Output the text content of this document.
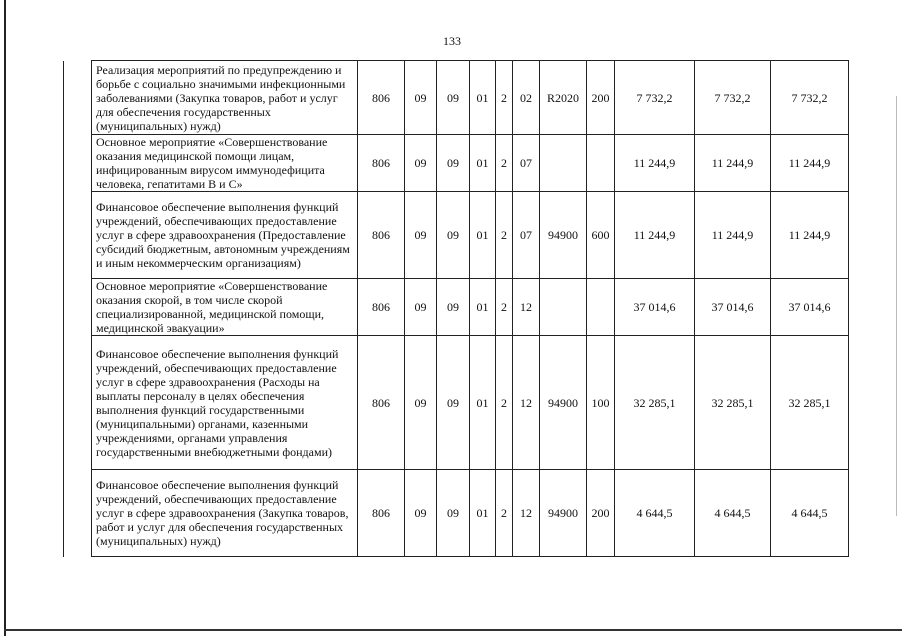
133
	Реализация мероприятий по предупреждению и борьбе с социально значимыми инфекционными заболеваниями (Закупка товаров, работ и услуг для обеспечения государственных (муниципальных) нужд)	806	09	09	01	2	02	R2020	200	7 732,2	7 732,2	7 732,2
	Основное мероприятие «Совершенствование оказания медицинской помощи лицам, инфицированным вирусом иммунодефицита человека, гепатитами В и С»	806	09	09	01	2	07			11 244,9	11 244,9	11 244,9
	Финансовое обеспечение выполнения функций учреждений, обеспечивающих предоставление услуг в сфере здравоохранения (Предоставление субсидий бюджетным, автономным учреждениям и иным некоммерческим организациям)	806	09	09	01	2	07	94900	600	11 244,9	11 244,9	11 244,9
	Основное мероприятие «Совершенствование оказания скорой, в том числе скорой специализированной, медицинской помощи, медицинской эвакуации»	806	09	09	01	2	12			37 014,6	37 014,6	37 014,6
	Финансовое обеспечение выполнения функций учреждений, обеспечивающих предоставление услуг в сфере здравоохранения (Расходы на выплаты персоналу в целях обеспечения выполнения функций государственными (муниципальными) органами, казенными учреждениями, органами управления государственными внебюджетными фондами)	806	09	09	01	2	12	94900	100	32 285,1	32 285,1	32 285,1
	Финансовое обеспечение выполнения функций учреждений, обеспечивающих предоставление услуг в сфере здравоохранения (Закупка товаров, работ и услуг для обеспечения государственных (муниципальных) нужд)	806	09	09	01	2	12	94900	200	4 644,5	4 644,5	4 644,5
